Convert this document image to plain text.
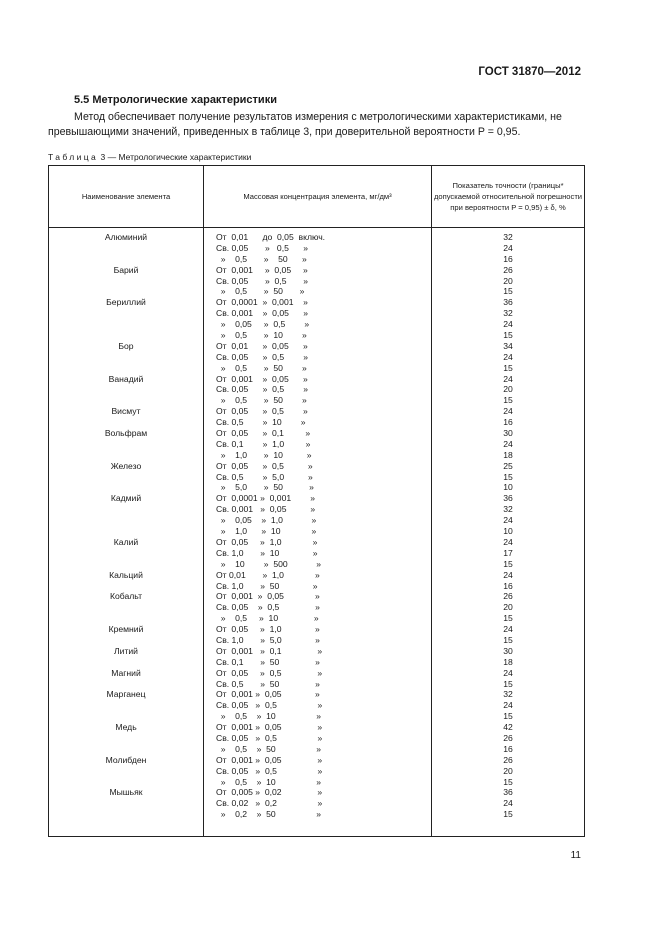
ГОСТ 31870—2012
5.5 Метрологические характеристики
Метод обеспечивает получение результатов измерения с метрологическими характеристиками, не превышающими значений, приведенных в таблице 3, при доверительной вероятности P = 0,95.
Таблица 3 — Метрологические характеристики
Наименование элемента	Массовая концентрация элемента, мг/дм³
Показатель точности (границы* допускаемой относительной погрешности при вероятности P = 0,95) ± δ, %
Алюминий	От  0,01      до  0,05  включ.	32
Св. 0,05       »   0,5      »	24
»    0,5       »    50      »	16
Барий	От  0,001     »  0,05     »	26
Св. 0,05       »  0,5       »	20
»    0,5       »  50       »	15
Бериллий	От  0,0001  »  0,001    »	36
Св. 0,001    »  0,05      »	32
»    0,05     »  0,5        »	24
»    0,5       »  10        »	15
Бор	От  0,01      »  0,05      »	34
Св. 0,05      »  0,5        »	24
»    0,5       »  50        »	15
Ванадий	От  0,001    »  0,05      »	24
Св. 0,05      »  0,5        »	20
»    0,5       »  50        »	15
Висмут	От  0,05      »  0,5        »	24
Св. 0,5        »  10        »	16
Вольфрам	От  0,05      »  0,1         »	30
Св. 0,1        »  1,0         »	24
»    1,0       »  10          »	18
Железо	От  0,05      »  0,5          »	25
Св. 0,5        »  5,0          »	15
»    5,0       »  50           »	10
Кадмий	От  0,0001 »  0,001        »	36
Св. 0,001   »  0,05          »	32
»    0,05    »  1,0            »	24
»    1,0      »  10             »	10
Калий	От  0,05     »  1,0             »	24
Св. 1,0       »  10              »	17
»    10        »  500            »	15
Кальций	От 0,01       »  1,0             »	24
Св. 1,0       »  50              »	16
Кобальт	От  0,001  »  0,05             »	26
Св. 0,05    »  0,5               »	20
»    0,5     »  10               »	15
Кремний	От  0,05     »  1,0              »	24
Св. 1,0       »  5,0              »	15
Литий	От  0,001   »  0,1               »	30
Св. 0,1       »  50               »	18
Магний	От  0,05     »  0,5               »	24
Св. 0,5       »  50               »	15
Марганец	От  0,001 »  0,05              »	32
Св. 0,05   »  0,5                 »	24
»    0,5    »  10                 »	15
Медь	От  0,001 »  0,05               »	42
Св. 0,05   »  0,5                 »	26
»    0,5    »  50                 »	16
Молибден	От  0,001 »  0,05               »	26
Св. 0,05   »  0,5                 »	20
»    0,5    »  10                 »	15
Мышьяк	От  0,005 »  0,02               »	36
Св. 0,02   »  0,2                 »	24
»    0,2    »  50                 »	15
11
